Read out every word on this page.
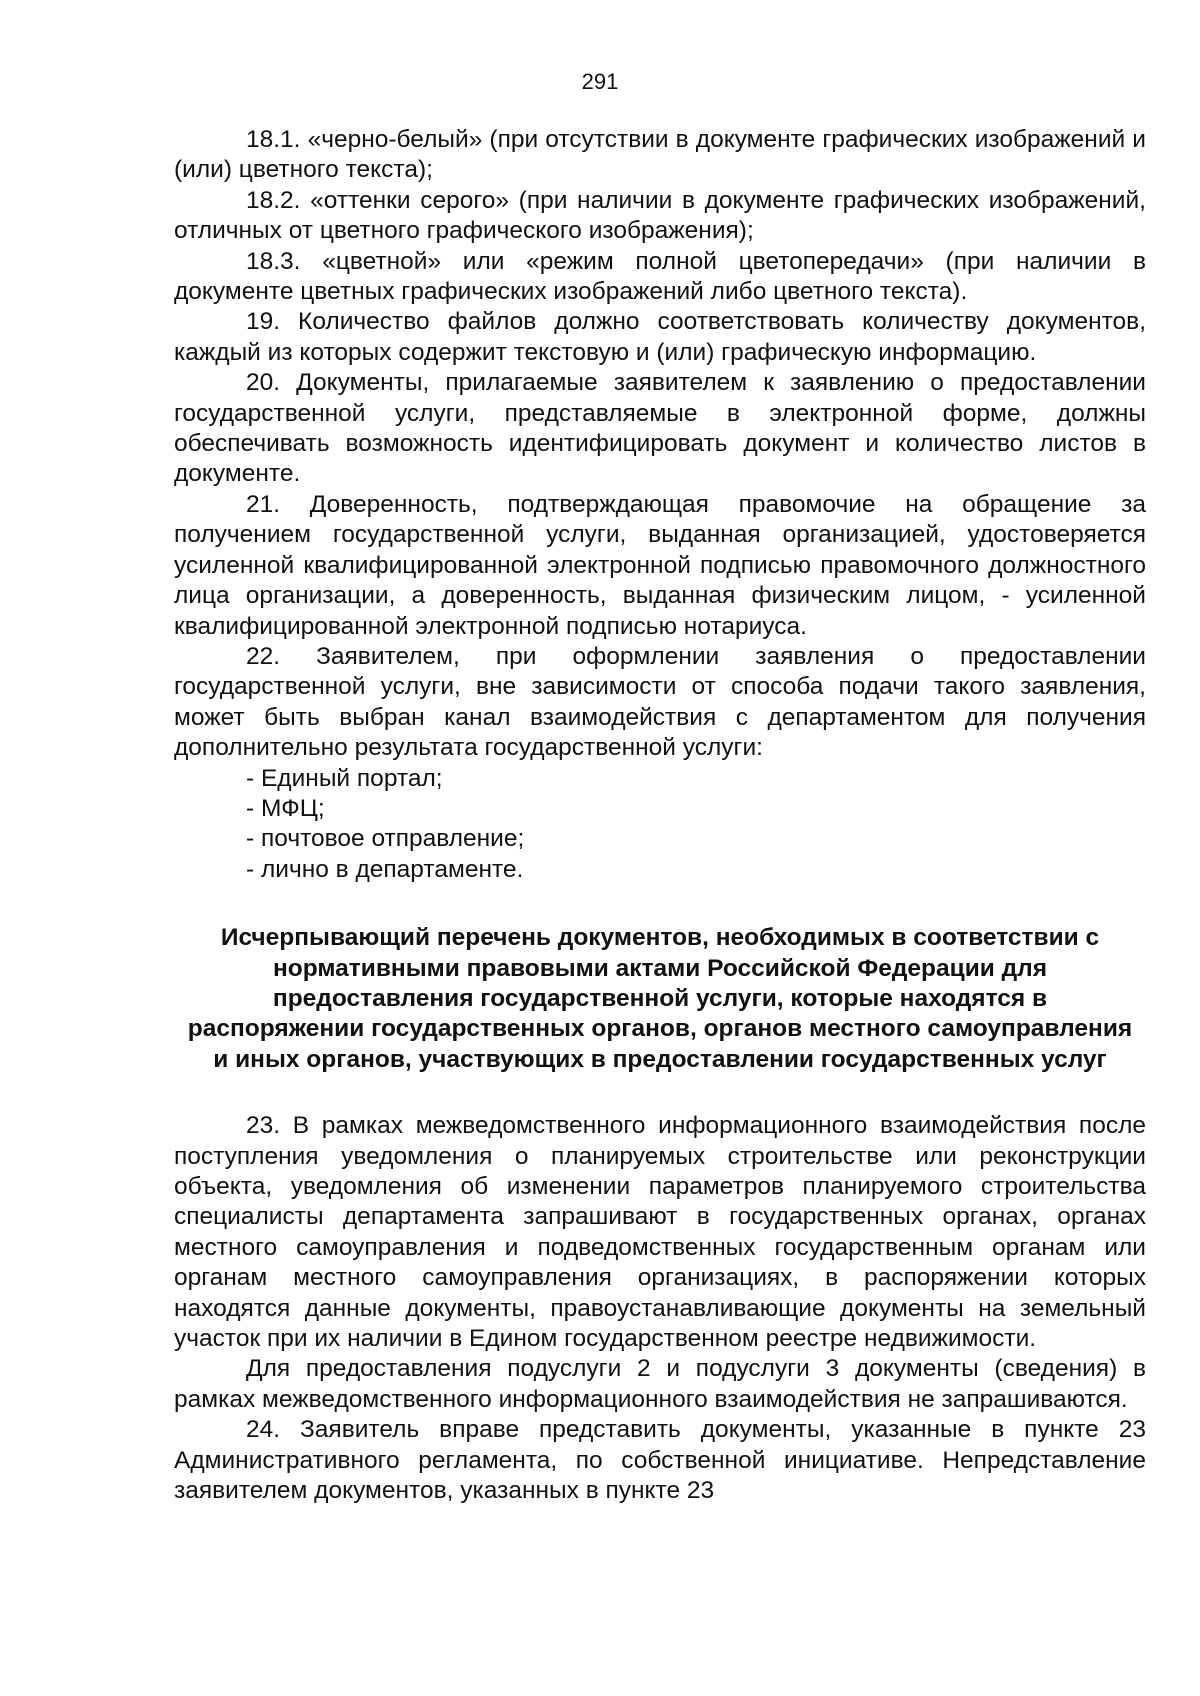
291

18.1. «черно-белый» (при отсутствии в документе графических изображений и (или) цветного текста);

18.2. «оттенки серого» (при наличии в документе графических изображений, отличных от цветного графического изображения);

18.3. «цветной» или «режим полной цветопередачи» (при наличии в документе цветных графических изображений либо цветного текста).

19. Количество файлов должно соответствовать количеству документов, каждый из которых содержит текстовую и (или) графическую информацию.

20. Документы, прилагаемые заявителем к заявлению о предоставлении государственной услуги, представляемые в электронной форме, должны обеспечивать возможность идентифицировать документ и количество листов в документе.

21. Доверенность, подтверждающая правомочие на обращение за получением государственной услуги, выданная организацией, удостоверяется усиленной квалифицированной электронной подписью правомочного должностного лица организации, а доверенность, выданная физическим лицом, - усиленной квалифицированной электронной подписью нотариуса.

22. Заявителем, при оформлении заявления о предоставлении государственной услуги, вне зависимости от способа подачи такого заявления, может быть выбран канал взаимодействия с департаментом для получения дополнительно результата государственной услуги:

- Единый портал;

- МФЦ;

- почтовое отправление;

- лично в департаменте.

Исчерпывающий перечень документов, необходимых в соответствии с нормативными правовыми актами Российской Федерации для предоставления государственной услуги, которые находятся в распоряжении государственных органов, органов местного самоуправления и иных органов, участвующих в предоставлении государственных услуг

23. В рамках межведомственного информационного взаимодействия после поступления уведомления о планируемых строительстве или реконструкции объекта, уведомления об изменении параметров планируемого строительства специалисты департамента запрашивают в государственных органах, органах местного самоуправления и подведомственных государственным органам или органам местного самоуправления организациях, в распоряжении которых находятся данные документы, правоустанавливающие документы на земельный участок при их наличии в Едином государственном реестре недвижимости.

Для предоставления подуслуги 2 и подуслуги 3 документы (сведения) в рамках межведомственного информационного взаимодействия не запрашиваются.

24. Заявитель вправе представить документы, указанные в пункте 23 Административного регламента, по собственной инициативе. Непредставление заявителем документов, указанных в пункте 23
